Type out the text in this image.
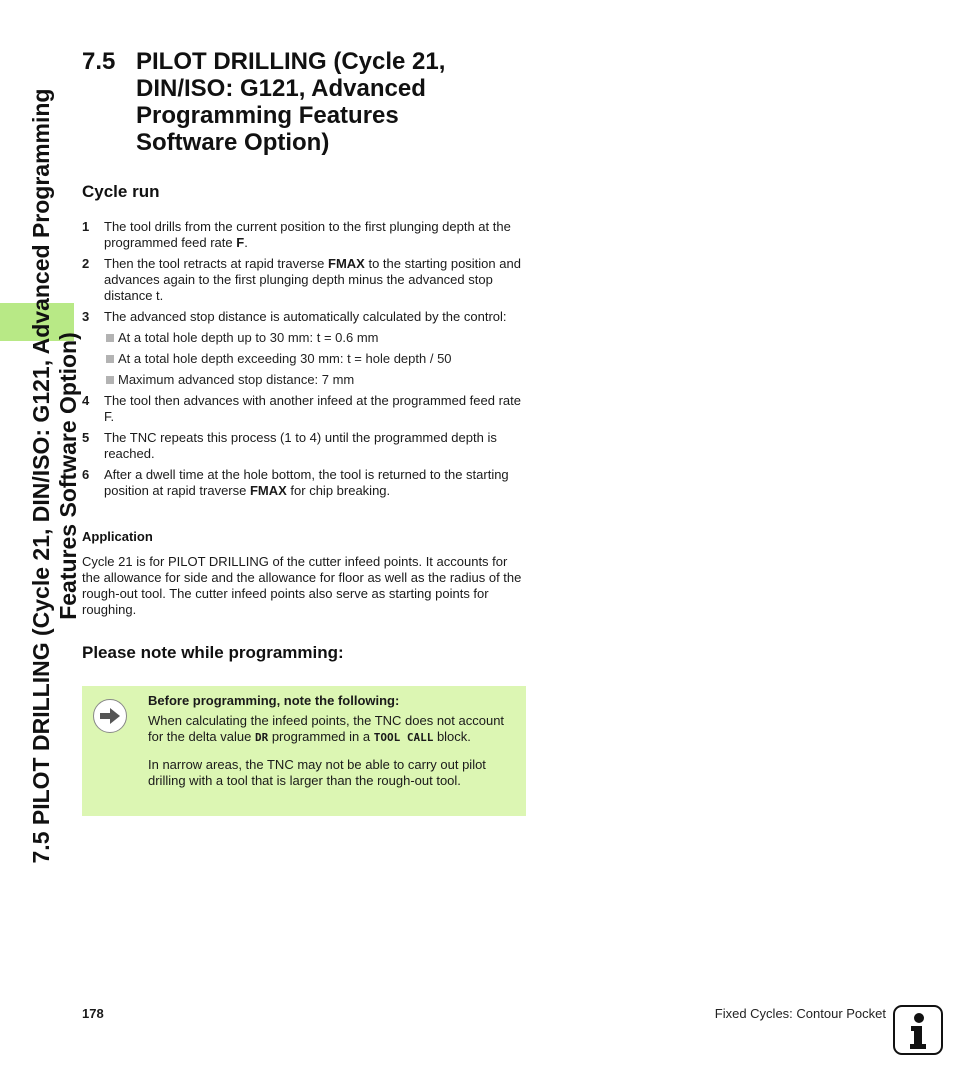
7.5 PILOT DRILLING (Cycle 21, DIN/ISO: G121, Advanced Programming Features Software Option)
7.5 PILOT DRILLING (Cycle 21,
DIN/ISO: G121, Advanced
Programming Features
Software Option)
Cycle run
1 The tool drills from the current position to the first plunging depth at the programmed feed rate F.
2 Then the tool retracts at rapid traverse FMAX to the starting position and advances again to the first plunging depth minus the advanced stop distance t.
3 The advanced stop distance is automatically calculated by the control:
At a total hole depth up to 30 mm: t = 0.6 mm
At a total hole depth exceeding 30 mm: t = hole depth / 50
Maximum advanced stop distance: 7 mm
4 The tool then advances with another infeed at the programmed feed rate F.
5 The TNC repeats this process (1 to 4) until the programmed depth is reached.
6 After a dwell time at the hole bottom, the tool is returned to the starting position at rapid traverse FMAX for chip breaking.
Application
Cycle 21 is for PILOT DRILLING of the cutter infeed points. It accounts for the allowance for side and the allowance for floor as well as the radius of the rough-out tool. The cutter infeed points also serve as starting points for roughing.
Please note while programming:
Before programming, note the following:

When calculating the infeed points, the TNC does not account for the delta value DR programmed in a TOOL CALL block.

In narrow areas, the TNC may not be able to carry out pilot drilling with a tool that is larger than the rough-out tool.

178	Fixed Cycles: Contour Pocket
